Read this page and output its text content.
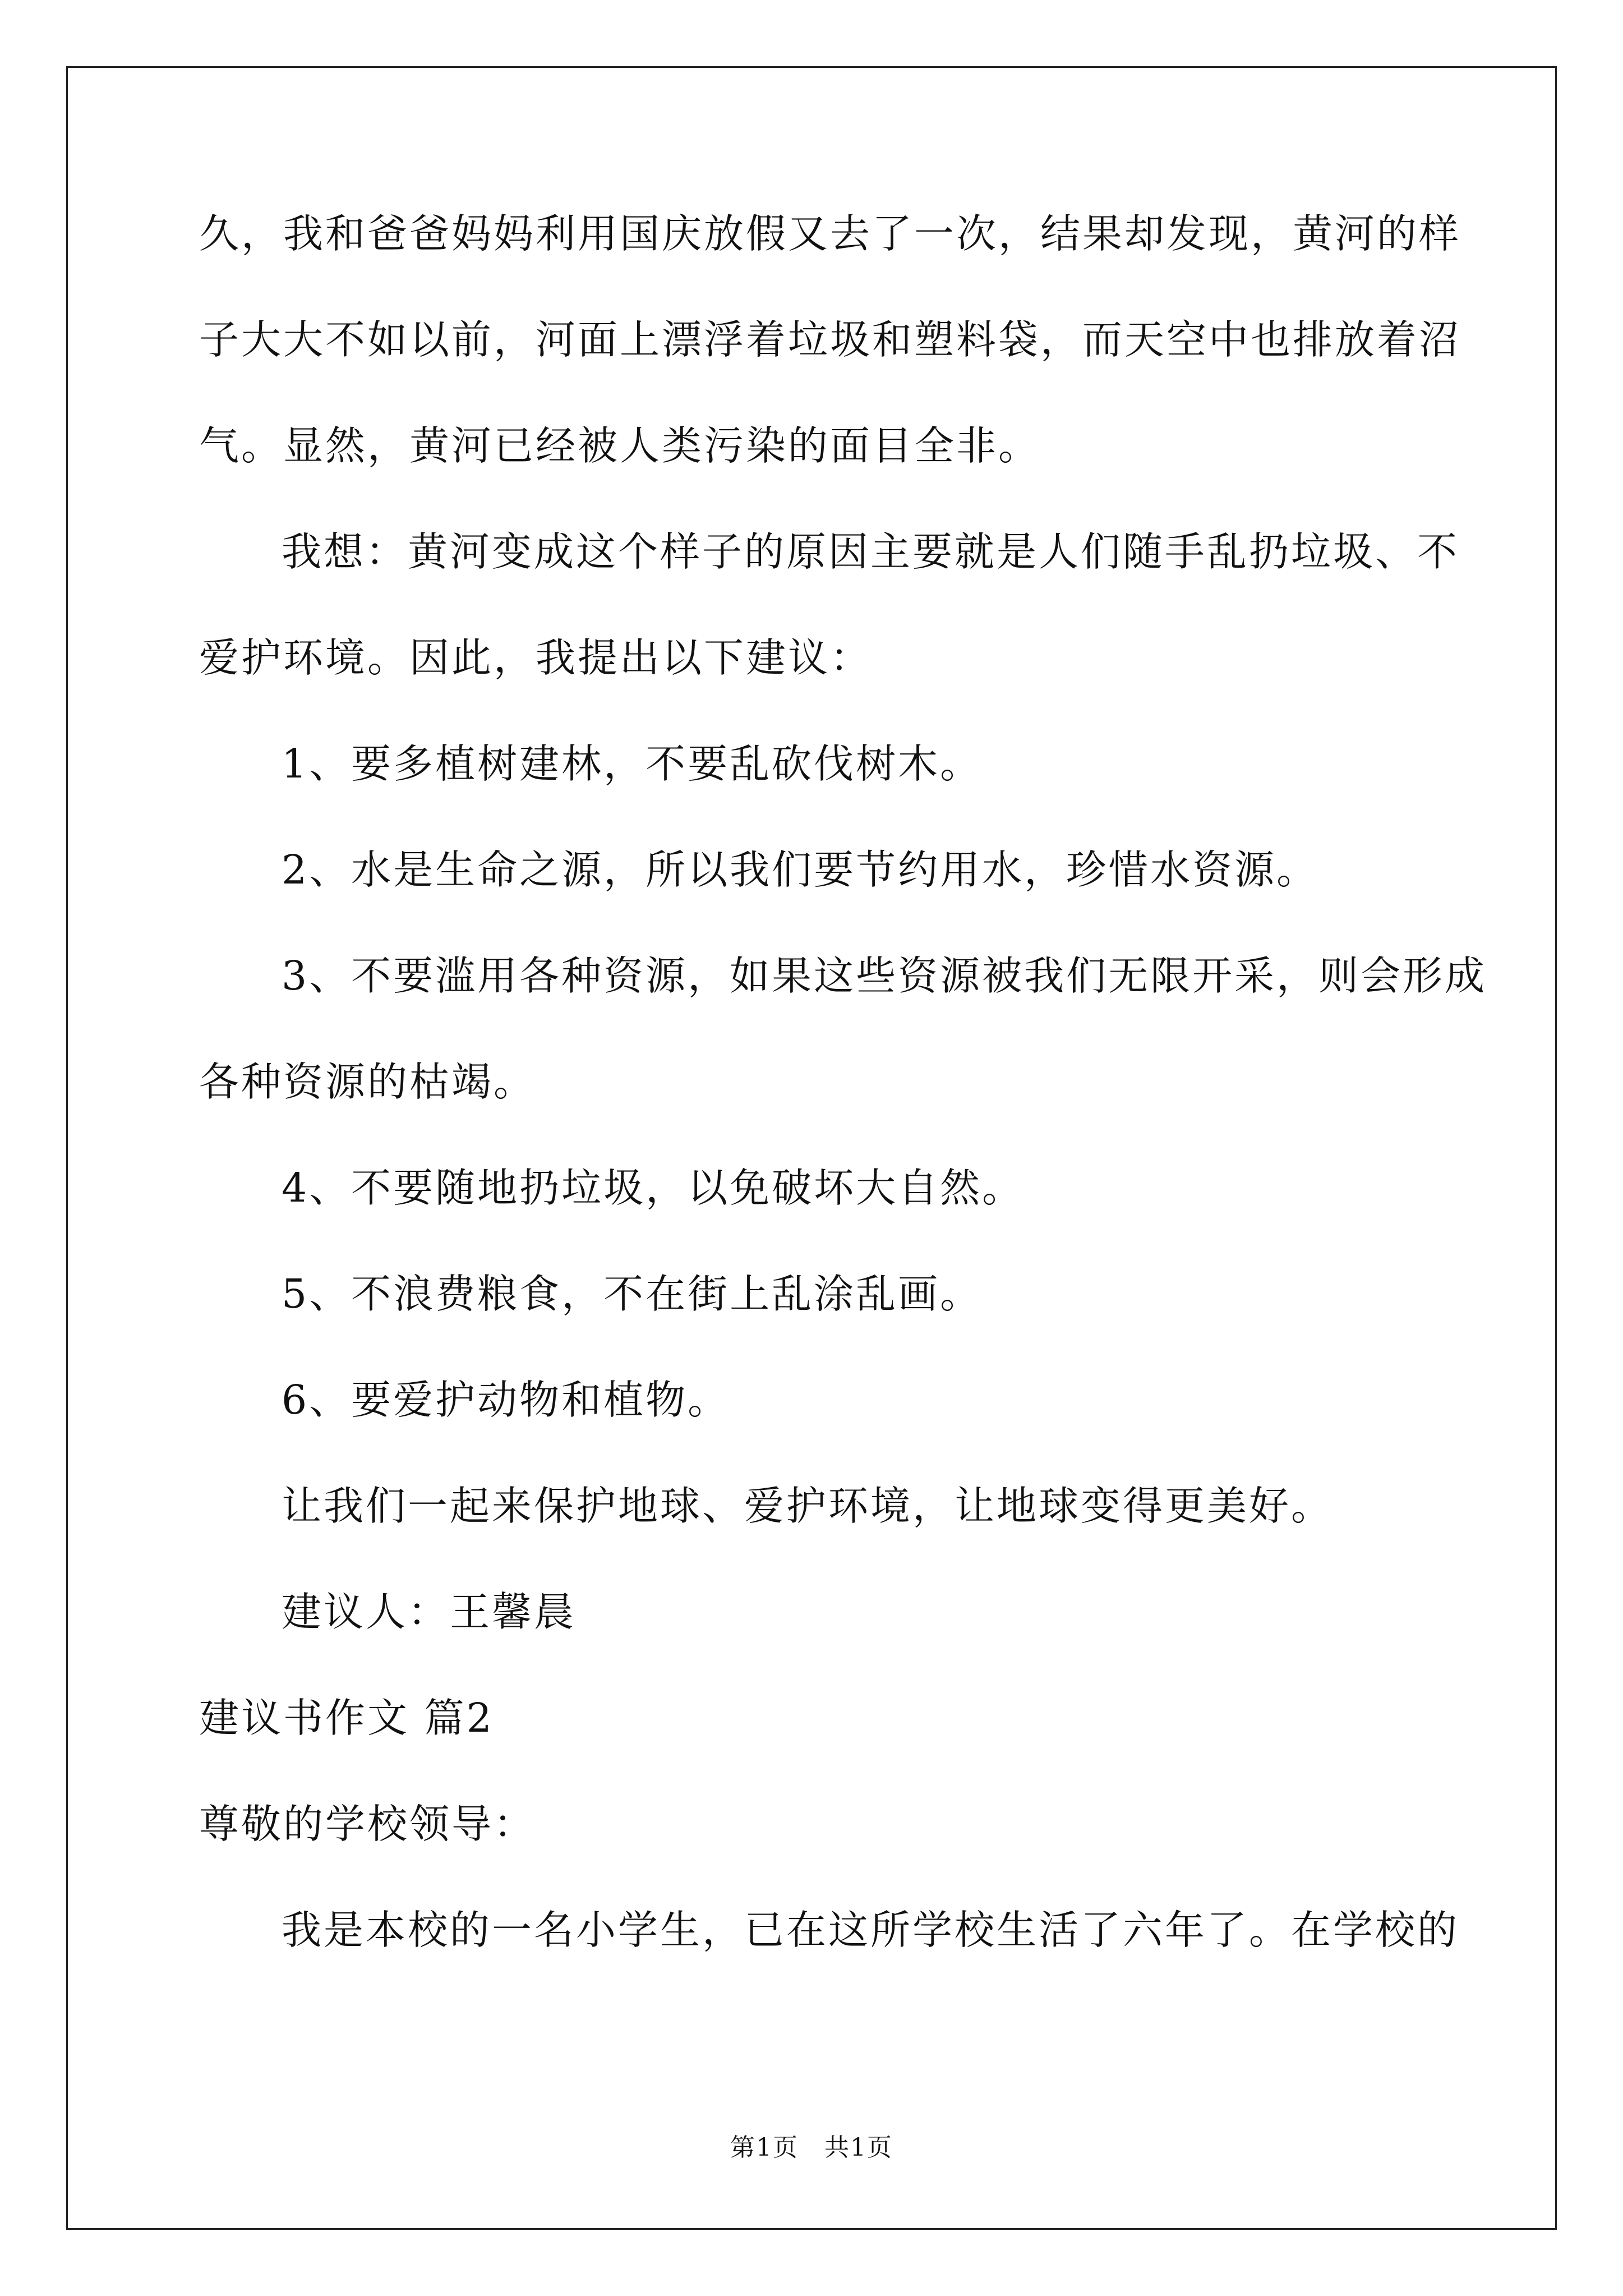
久，我和爸爸妈妈利用国庆放假又去了一次，结果却发现，黄河的样

子大大不如以前，河面上漂浮着垃圾和塑料袋，而天空中也排放着沼

气。显然，黄河已经被人类污染的面目全非。

我想：黄河变成这个样子的原因主要就是人们随手乱扔垃圾、不

爱护环境。因此，我提出以下建议：

1、要多植树建林，不要乱砍伐树木。

2、水是生命之源，所以我们要节约用水，珍惜水资源。

3、不要滥用各种资源，如果这些资源被我们无限开采，则会形成

各种资源的枯竭。

4、不要随地扔垃圾，以免破坏大自然。

5、不浪费粮食，不在街上乱涂乱画。

6、要爱护动物和植物。

让我们一起来保护地球、爱护环境，让地球变得更美好。

建议人：王馨晨

建议书作文 篇2

尊敬的学校领导：

我是本校的一名小学生，已在这所学校生活了六年了。在学校的

第1页　共1页
